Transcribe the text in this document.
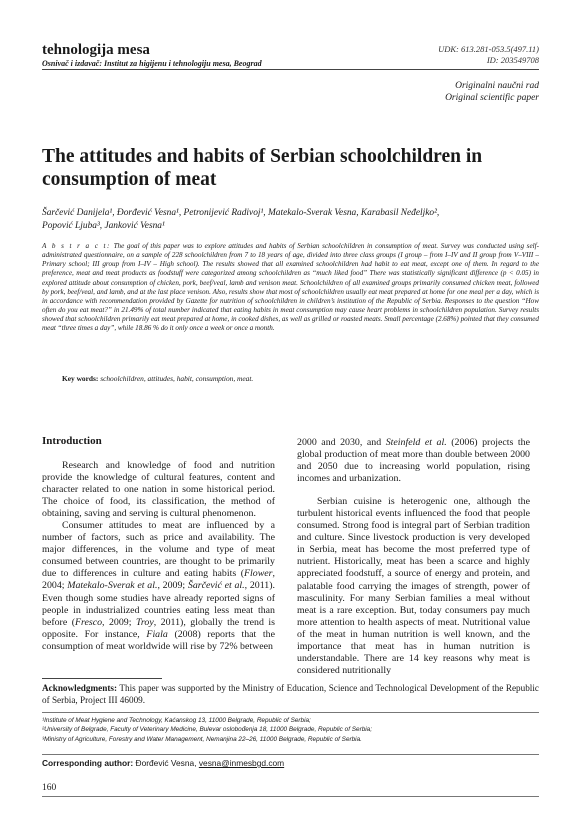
tehnologija mesa
Osnivač i izdavač: Institut za higijenu i tehnologiju mesa, Beograd
UDK: 613.281-053.5(497.11)
ID: 203549708
Originalni naučni rad
Original scientific paper
The attitudes and habits of Serbian schoolchildren in consumption of meat
Šarčević Danijela¹, Đorđević Vesna¹, Petronijević Radivoj¹, Matekalo-Sverak Vesna, Karabasil Neđeljko²,
Popović Ljuba³, Janković Vesna¹
A b s t r a c t: The goal of this paper was to explore attitudes and habits of Serbian schoolchildren in consumption of meat. Survey was conducted using self-administrated questionnaire, on a sample of 228 schoolchildren from 7 to 18 years of age, divided into three class groups (I group – from I–IV and II group from V–VIII – Primary school; III group from I–IV – High school). The results showed that all examined schoolchildren had habit to eat meat, except one of them. In regard to the preference, meat and meat products as foodstuff were categorized among schoolchildren as “much liked food” There was statistically significant difference (p < 0.05) in explored attitude about consumption of chicken, pork, beef/veal, lamb and venison meat. Schoolchildren of all examined groups primarily consumed chicken meat, followed by pork, beef/veal, and lamb, and at the last place venison. Also, results show that most of schoolchildren usually eat meat prepared at home for one meal per a day, which is in accordance with recommendation provided by Gazette for nutrition of schoolchildren in children’s institution of the Republic of Serbia. Responses to the question “How often do you eat meat?” in 21.49% of total number indicated that eating habits in meat consumption may cause heart problems in schoolchildren population. Survey results showed that schoolchildren primarily eat meat prepared at home, in cooked dishes, as well as grilled or roasted meats. Small percentage (2.68%) pointed that they consumed meat “three times a day”, while 18.86 % do it only once a week or once a month.
Key words: schoolchildren, attitudes, habit, consumption, meat.
Introduction

Research and knowledge of food and nutrition provide the knowledge of cultural features, content and character related to one nation in some historical period. The choice of food, its classification, the method of obtaining, saving and serving is cultural phenomenon.

Consumer attitudes to meat are influenced by a number of factors, such as price and availability. The major differences, in the volume and type of meat consumed between countries, are thought to be primarily due to differences in culture and eating habits (Flower, 2004; Matekalo-Sverak et al., 2009; Šarčević et al., 2011). Even though some studies have already reported signs of people in industrialized countries eating less meat than before (Fresco, 2009; Troy, 2011), globally the trend is opposite. For instance, Fiala (2008) reports that the consumption of meat worldwide will rise by 72% between

2000 and 2030, and Steinfeld et al. (2006) projects the global production of meat more than double between 2000 and 2050 due to increasing world population, rising incomes and urbanization.

Serbian cuisine is heterogenic one, although the turbulent historical events influenced the food that people consumed. Strong food is integral part of Serbian tradition and culture. Since livestock production is very developed in Serbia, meat has become the most preferred type of nutrient. Historically, meat has been a scarce and highly appreciated foodstuff, a source of energy and protein, and palatable food carrying the images of strength, power of masculinity. For many Serbian families a meal without meat is a rare exception. But, today consumers pay much more attention to health aspects of meat. Nutritional value of the meat in human nutrition is well known, and the importance that meat has in human nutrition is understandable. There are 14 key reasons why meat is considered nutritionally

Acknowledgments: This paper was supported by the Ministry of Education, Science and Technological Development of the Republic of Serbia, Project III 46009.
¹Institute of Meat Hygiene and Technology, Kaćanskog 13, 11000 Belgrade, Republic of Serbia;
²University of Belgrade, Faculty of Veterinary Medicine, Bulevar oslobođenja 18, 11000 Belgrade, Republic of Serbia;
³Ministry of Agriculture, Forestry and Water Management, Nemanjina 22–26, 11000 Belgrade, Republic of Serbia.
Corresponding author: Đorđević Vesna, vesna@inmesbgd.com
160
